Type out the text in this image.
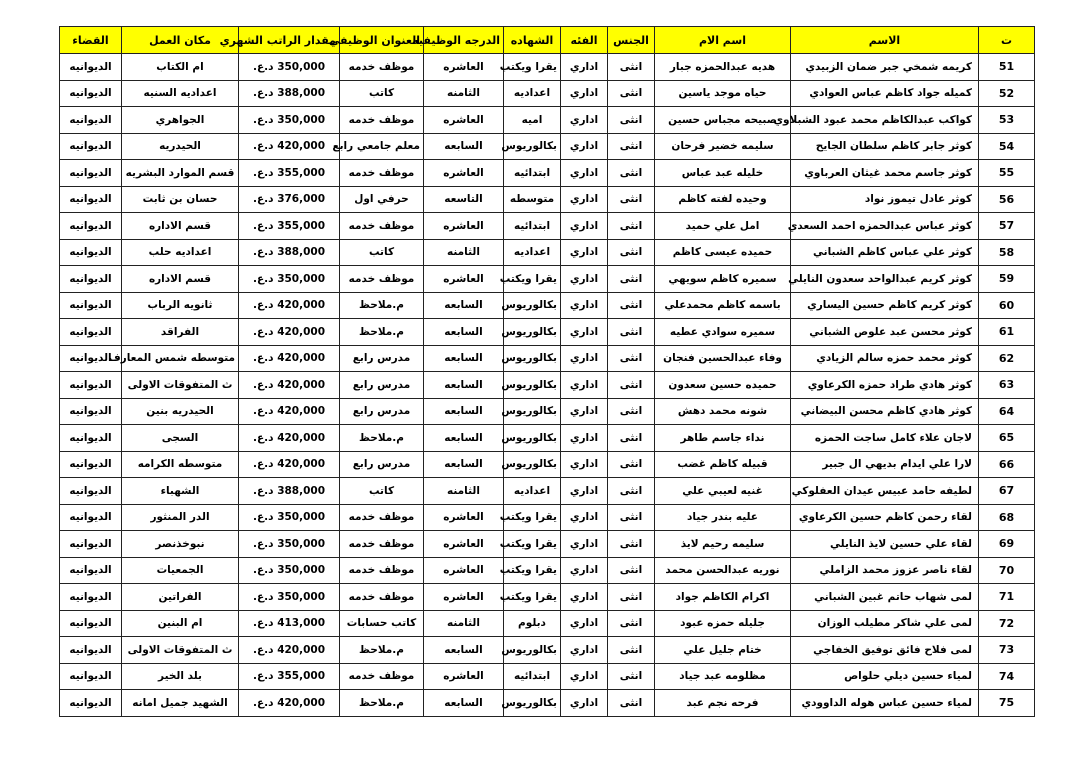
ت	الاسم	اسم الام	الجنس	الفئه	الشهاده	الدرجه الوظيفيه	العنوان الوظيفي	مقدار الراتب الشهري	مكان العمل	القضاء
51	كريمه شمخي جبر ضمان الزبيدي	هديه عبدالحمزه جبار	انثى	اداري	يقرا ويكتب	العاشره	موظف خدمه	350,000 د.ع.	ام الكتاب	الديوانيه
52	كميله جواد كاظم عباس العوادي	حياه موجد ياسين	انثى	اداري	اعداديه	الثامنه	كاتب	388,000 د.ع.	اعداديه السنيه	الديوانيه
53	كواكب عبدالكاظم محمد عبود الشبلاوي	صبيحه مجباس حسين	انثى	اداري	اميه	العاشره	موظف خدمه	350,000 د.ع.	الجواهري	الديوانيه
54	كوثر جابر كاظم سلطان الجايح	سليمه خضير فرحان	انثى	اداري	بكالوريوس	السابعه	معلم جامعي رابع	420,000 د.ع.	الحيدريه	الديوانيه
55	كوثر جاسم محمد غيثان العرباوي	خليله عبد عباس	انثى	اداري	ابتدائيه	العاشره	موظف خدمه	355,000 د.ع.	قسم الموارد البشريه	الديوانيه
56	كوثر عادل تيموز نواد	وحيده لفته كاظم	انثى	اداري	متوسطه	التاسعه	حرفي اول	376,000 د.ع.	حسان بن ثابت	الديوانيه
57	كوثر عباس عبدالحمزه احمد السعدي	امل علي حميد	انثى	اداري	ابتدائيه	العاشره	موظف خدمه	355,000 د.ع.	قسم الاداره	الديوانيه
58	كوثر علي عباس كاظم الشباني	حميده عيسى كاظم	انثى	اداري	اعداديه	الثامنه	كاتب	388,000 د.ع.	اعداديه حلب	الديوانيه
59	كوثر كريم عبدالواحد سعدون النايلي	سميره كاظم سويهي	انثى	اداري	يقرا ويكتب	العاشره	موظف خدمه	350,000 د.ع.	قسم الاداره	الديوانيه
60	كوثر كريم كاظم حسين اليساري	باسمه كاظم محمدعلي	انثى	اداري	بكالوريوس	السابعه	م.ملاحظ	420,000 د.ع.	ثانويه الرباب	الديوانيه
61	كوثر محسن عبد علوص الشباني	سميره سوادي عطيه	انثى	اداري	بكالوريوس	السابعه	م.ملاحظ	420,000 د.ع.	الفراقد	الديوانيه
62	كوثر محمد حمزه سالم الزيادي	وفاء عبدالحسين فنجان	انثى	اداري	بكالوريوس	السابعه	مدرس رابع	420,000 د.ع.	متوسطه شمس المعارف	الديوانيه
63	كوثر هادي طراد حمزه الكرعاوي	حميده حسين سعدون	انثى	اداري	بكالوريوس	السابعه	مدرس رابع	420,000 د.ع.	ث المتفوقات الاولى	الديوانيه
64	كوثر هادي كاظم محسن البيضاني	شونه محمد دهش	انثى	اداري	بكالوريوس	السابعه	مدرس رابع	420,000 د.ع.	الحيدريه بنين	الديوانيه
65	لاجان علاء كامل ساجت الحمزه	نداء جاسم طاهر	انثى	اداري	بكالوريوس	السابعه	م.ملاحظ	420,000 د.ع.	السجى	الديوانيه
66	لارا علي ايدام بديهي ال جبير	قبيله كاظم غضب	انثى	اداري	بكالوريوس	السابعه	مدرس رابع	420,000 د.ع.	متوسطه الكرامه	الديوانيه
67	لطيفه حامد عبيس عيدان العفلوكي	غنيه لعيبي علي	انثى	اداري	اعداديه	الثامنه	كاتب	388,000 د.ع.	الشهباء	الديوانيه
68	لقاء رحمن كاظم حسين الكرعاوي	عليه بندر جياد	انثى	اداري	يقرا ويكتب	العاشره	موظف خدمه	350,000 د.ع.	الدر المنثور	الديوانيه
69	لقاء علي حسين لايذ النايلي	سليمه رحيم لايذ	انثى	اداري	يقرا ويكتب	العاشره	موظف خدمه	350,000 د.ع.	نبوخذنصر	الديوانيه
70	لقاء ناصر عزوز محمد الزاملي	نوريه عبدالحسن محمد	انثى	اداري	يقرا ويكتب	العاشره	موظف خدمه	350,000 د.ع.	الجمعيات	الديوانيه
71	لمى شهاب حاتم غبين الشباني	اكرام الكاظم جواد	انثى	اداري	يقرا ويكتب	العاشره	موظف خدمه	350,000 د.ع.	الفراتين	الديوانيه
72	لمى علي شاكر مطيلب الوزان	جليله حمزه عبود	انثى	اداري	دبلوم	الثامنه	كاتب حسابات	413,000 د.ع.	ام البنين	الديوانيه
73	لمى فلاح فائق توفيق الخفاجي	ختام جليل علي	انثى	اداري	بكالوريوس	السابعه	م.ملاحظ	420,000 د.ع.	ث المتفوقات الاولى	الديوانيه
74	لمياء حسين ديلي حلواص	مظلومه عبد جياد	انثى	اداري	ابتدائيه	العاشره	موظف خدمه	355,000 د.ع.	بلد الخير	الديوانيه
75	لمياء حسين عباس هوله الداوودي	فرحه نجم عبد	انثى	اداري	بكالوريوس	السابعه	م.ملاحظ	420,000 د.ع.	الشهيد جميل امانه	الديوانيه
